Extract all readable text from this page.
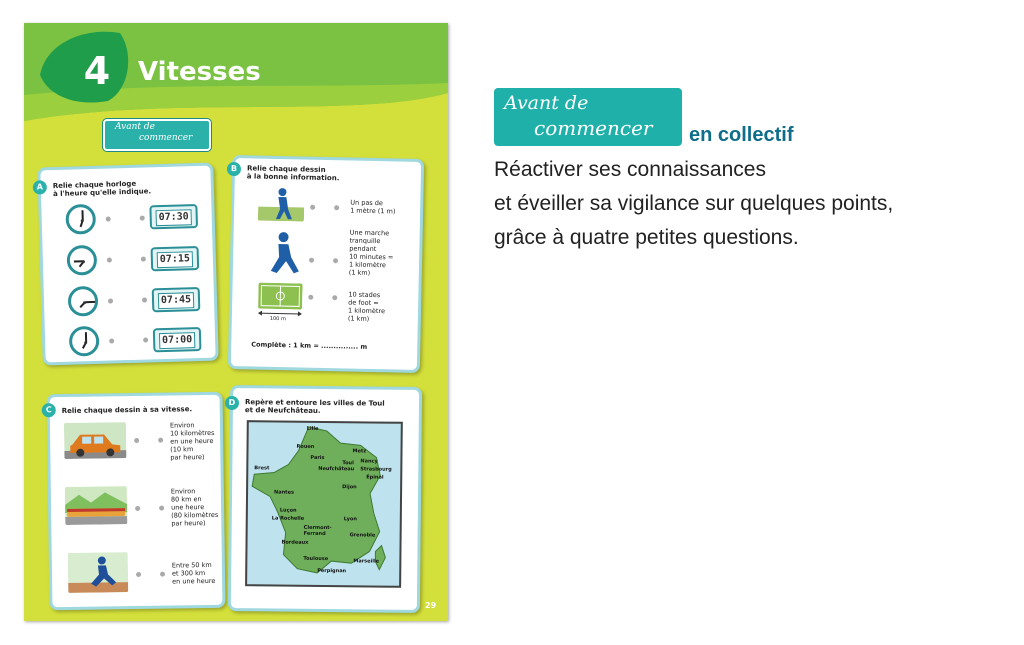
4	Vitesses
Avant de
commencer
A	Relie chaque horloge
à l'heure qu'elle indique.
07:30
07:15
07:45
07:00
B	Relie chaque dessin
à la bonne information.
Un pas de
1 mètre (1 m)
Une marche
tranquille
pendant
10 minutes =
1 kilomètre
(1 km)
100 m
10 stades
de foot =
1 kilomètre
(1 km)
Complète : 1 km = ............... m
C	Relie chaque dessin à sa vitesse.
Environ
10 kilomètres
en une heure
(10 km
par heure)
Environ
80 km en
une heure
(80 kilomètres
par heure)
Entre 50 km
et 300 km
en une heure
D	Repère et entoure les villes de Toul
et de Neufchâteau.
Lille
Rouen
Paris
Metz
Nancy
Toul
Neufchâteau Strasbourg
Épinal
Brest
Dijon
Nantes
Luçon
La Rochelle	Lyon
Clermont-Ferrand	Grenoble
Bordeaux
Toulouse	Marseille
Perpignan
29
Avant de
commencer en collectif
Réactiver ses connaissances
et éveiller sa vigilance sur quelques points,
grâce à quatre petites questions.
